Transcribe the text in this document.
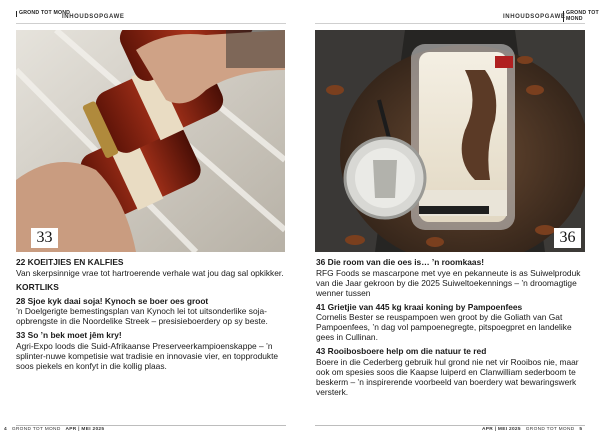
GROND TOT MOND
INHOUDSOPGAWE
33
22 KOEITJIES EN KALFIES
Van skerpsinnige vrae tot hartroerende verhale wat jou dag sal opkikker.
KORTLIKS
28 Sjoe kyk daai soja! Kynoch se boer oes groot
’n Doelgerigte bemestingsplan van Kynoch lei tot uitsonderlike soja-opbrengste in die Noordelike Streek – presisieboerdery op sy beste.
33 So ’n bek moet jêm kry!
Agri-Expo loods die Suid-Afrikaanse Preserveerkampioenskappe – ’n splinter-nuwe kompetisie wat tradisie en innovasie vier, en topprodukte soos piekels en konfyt in die kollig plaas.
4 GROND TOT MOND APR | MEI 2025
INHOUDSOPGAWE
GROND TOT MOND
36
APR | MEI 2025 GROND TOT MOND 5
36 Die room van die oes is… ’n roomkaas!
RFG Foods se mascarpone met vye en pekanneute is as Suiwelproduk van die Jaar gekroon by die 2025 Suiweltoekennings – ’n droomagtige wenner tussen
41 Grietjie van 445 kg kraai koning by Pampoenfees
Cornelis Bester se reuspampoen wen groot by die Goliath van Gat Pampoenfees, ’n dag vol pampoenegregte, pitspoegpret en landelike gees in Cullinan.
43 Rooibosboere help om die natuur te red
Boere in die Cederberg gebruik hul grond nie net vir Rooibos nie, maar ook om spesies soos die Kaapse luiperd en Clanwilliam sederboom te beskerm – ’n inspirerende voorbeeld van boerdery wat bewaringswerk versterk.
